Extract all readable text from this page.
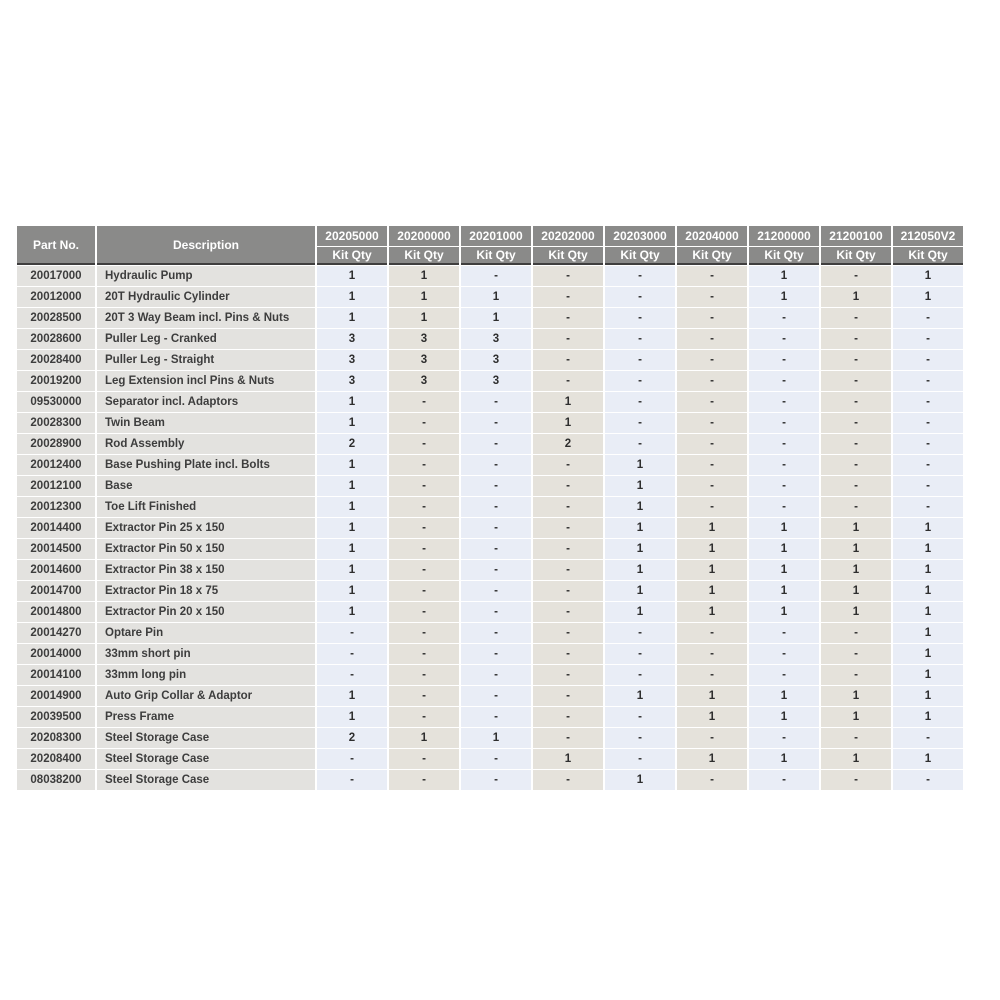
Part No.	Description	20205000	20200000	20201000	20202000	20203000	20204000	21200000	21200100	212050V2
		Kit Qty	Kit Qty	Kit Qty	Kit Qty	Kit Qty	Kit Qty	Kit Qty	Kit Qty	Kit Qty
20017000	Hydraulic Pump	1	1	-	-	-	-	1	-	1
20012000	20T Hydraulic Cylinder	1	1	1	-	-	-	1	1	1
20028500	20T 3 Way Beam incl. Pins & Nuts	1	1	1	-	-	-	-	-	-
20028600	Puller Leg - Cranked	3	3	3	-	-	-	-	-	-
20028400	Puller Leg - Straight	3	3	3	-	-	-	-	-	-
20019200	Leg Extension incl Pins & Nuts	3	3	3	-	-	-	-	-	-
09530000	Separator incl. Adaptors	1	-	-	1	-	-	-	-	-
20028300	Twin Beam	1	-	-	1	-	-	-	-	-
20028900	Rod Assembly	2	-	-	2	-	-	-	-	-
20012400	Base Pushing Plate incl. Bolts	1	-	-	-	1	-	-	-	-
20012100	Base	1	-	-	-	1	-	-	-	-
20012300	Toe Lift Finished	1	-	-	-	1	-	-	-	-
20014400	Extractor Pin 25 x 150	1	-	-	-	1	1	1	1	1
20014500	Extractor Pin 50 x 150	1	-	-	-	1	1	1	1	1
20014600	Extractor Pin 38 x 150	1	-	-	-	1	1	1	1	1
20014700	Extractor Pin 18 x 75	1	-	-	-	1	1	1	1	1
20014800	Extractor Pin 20 x 150	1	-	-	-	1	1	1	1	1
20014270	Optare Pin	-	-	-	-	-	-	-	-	1
20014000	33mm short pin	-	-	-	-	-	-	-	-	1
20014100	33mm long pin	-	-	-	-	-	-	-	-	1
20014900	Auto Grip Collar & Adaptor	1	-	-	-	1	1	1	1	1
20039500	Press Frame	1	-	-	-	-	1	1	1	1
20208300	Steel Storage Case	2	1	1	-	-	-	-	-	-
20208400	Steel Storage Case	-	-	-	1	-	1	1	1	1
08038200	Steel Storage Case	-	-	-	-	1	-	-	-	-
